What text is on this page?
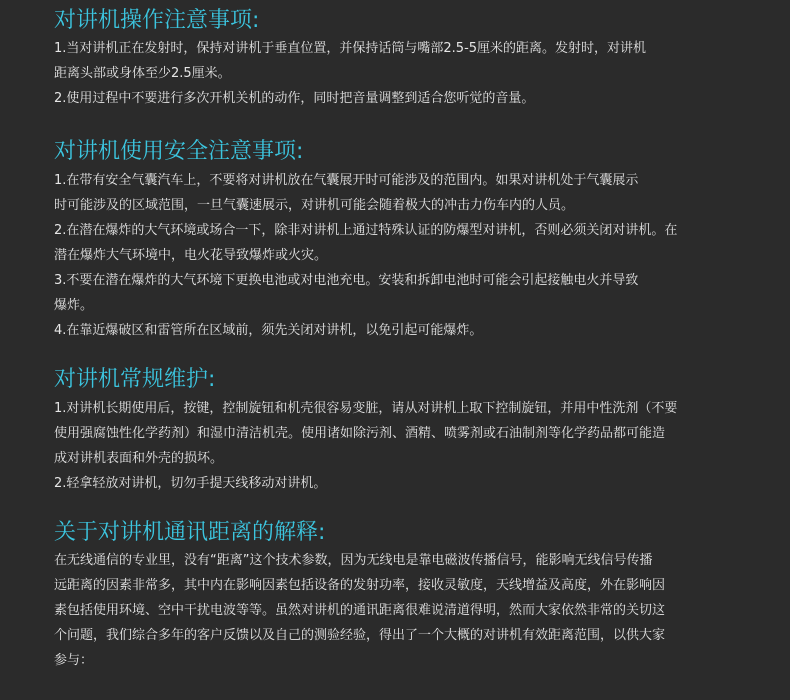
对讲机操作注意事项:
1.当对讲机正在发射时，保持对讲机于垂直位置，并保持话筒与嘴部2.5-5厘米的距离。发射时，对讲机
距离头部或身体至少2.5厘米。
2.使用过程中不要进行多次开机关机的动作，同时把音量调整到适合您听觉的音量。
对讲机使用安全注意事项:
1.在带有安全气囊汽车上，不要将对讲机放在气囊展开时可能涉及的范围内。如果对讲机处于气囊展示
时可能涉及的区域范围，一旦气囊速展示，对讲机可能会随着极大的冲击力伤车内的人员。
2.在潜在爆炸的大气环境或场合一下，除非对讲机上通过特殊认证的防爆型对讲机，否则必须关闭对讲机。在
潜在爆炸大气环境中，电火花导致爆炸或火灾。
3.不要在潜在爆炸的大气环境下更换电池或对电池充电。安装和拆卸电池时可能会引起接触电火并导致
爆炸。
4.在靠近爆破区和雷管所在区域前，须先关闭对讲机，以免引起可能爆炸。
对讲机常规维护:
1.对讲机长期使用后，按键，控制旋钮和机壳很容易变脏，请从对讲机上取下控制旋钮，并用中性洗剂（不要
使用强腐蚀性化学药剂）和湿巾清洁机壳。使用诸如除污剂、酒精、喷雾剂或石油制剂等化学药品都可能造
成对讲机表面和外壳的损坏。
2.轻拿轻放对讲机，切勿手提天线移动对讲机。
关于对讲机通讯距离的解释:
在无线通信的专业里，没有“距离”这个技术参数，因为无线电是靠电磁波传播信号，能影响无线信号传播
远距离的因素非常多，其中内在影响因素包括设备的发射功率，接收灵敏度，天线增益及高度，外在影响因
素包括使用环境、空中干扰电波等等。虽然对讲机的通讯距离很难说清道得明，然而大家依然非常的关切这
个问题，我们综合多年的客户反馈以及自己的测验经验，得出了一个大概的对讲机有效距离范围，以供大家
参与：
